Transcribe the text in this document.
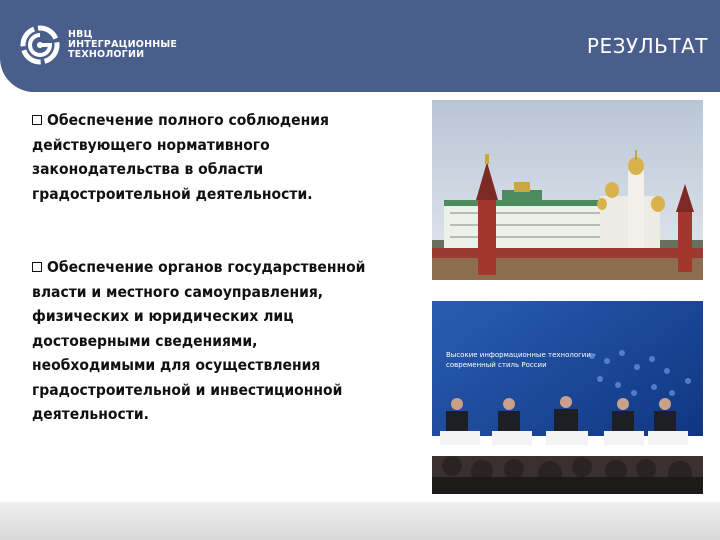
НВЦ
ИНТЕГРАЦИОННЫЕ
ТЕХНОЛОГИИ	РЕЗУЛЬТАТ

Обеспечение полного соблюдения
действующего нормативного
законодательства в области
градостроительной деятельности.

Обеспечение органов государственной
власти и местного самоуправления,
физических и юридических лиц
достоверными сведениями,
необходимыми для осуществления
градостроительной и инвестиционной
деятельности.

Высокие информационные технологии -
современный стиль России
